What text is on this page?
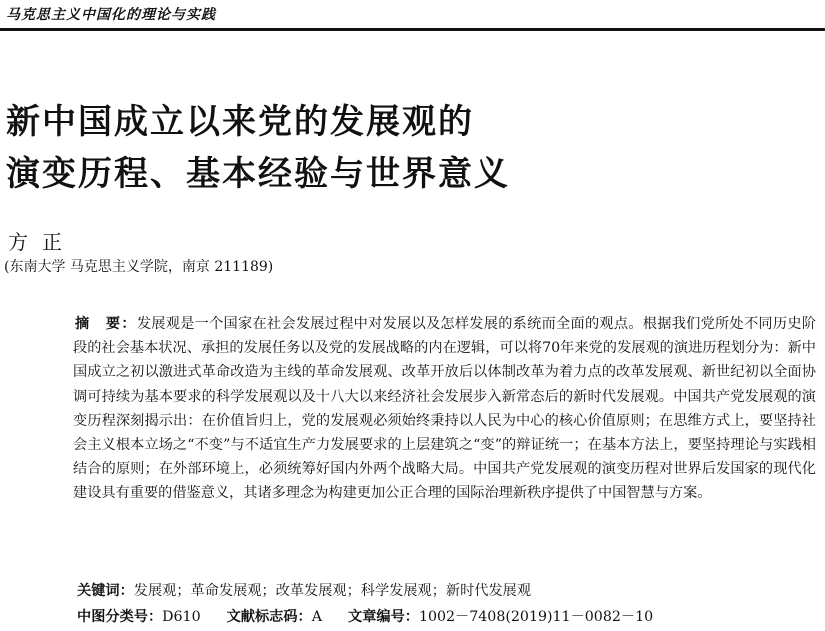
马克思主义中国化的理论与实践
新中国成立以来党的发展观的
演变历程、基本经验与世界意义
方正
(东南大学 马克思主义学院，南京 211189)
摘　要：发展观是一个国家在社会发展过程中对发展以及怎样发展的系统而全面的观点。根据我们党所处不同历史阶段的社会基本状况、承担的发展任务以及党的发展战略的内在逻辑，可以将70年来党的发展观的演进历程划分为：新中国成立之初以激进式革命改造为主线的革命发展观、改革开放后以体制改革为着力点的改革发展观、新世纪初以全面协调可持续为基本要求的科学发展观以及十八大以来经济社会发展步入新常态后的新时代发展观。中国共产党发展观的演变历程深刻揭示出：在价值旨归上，党的发展观必须始终秉持以人民为中心的核心价值原则；在思维方式上，要坚持社会主义根本立场之“不变”与不适宜生产力发展要求的上层建筑之“变”的辩证统一；在基本方法上，要坚持理论与实践相结合的原则；在外部环境上，必须统筹好国内外两个战略大局。中国共产党发展观的演变历程对世界后发国家的现代化建设具有重要的借鉴意义，其诸多理念为构建更加公正合理的国际治理新秩序提供了中国智慧与方案。
关键词：发展观；革命发展观；改革发展观；科学发展观；新时代发展观
中图分类号：D610 文献标志码：A 文章编号：1002－7408(2019)11－0082－10
